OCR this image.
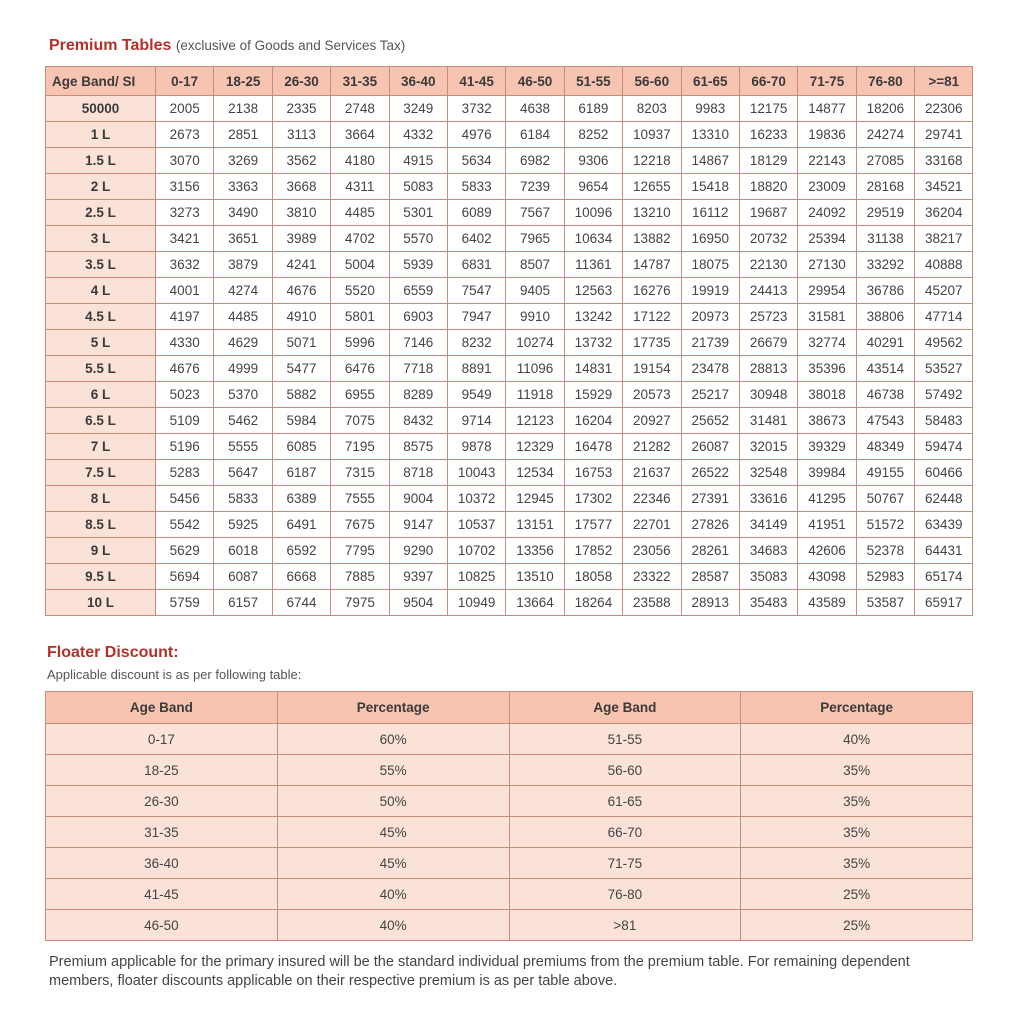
Premium Tables (exclusive of Goods and Services Tax)
Age Band/ SI	0-17	18-25	26-30	31-35	36-40	41-45	46-50	51-55	56-60	61-65	66-70	71-75	76-80	>=81
50000	2005	2138	2335	2748	3249	3732	4638	6189	8203	9983	12175	14877	18206	22306
1 L	2673	2851	3113	3664	4332	4976	6184	8252	10937	13310	16233	19836	24274	29741
1.5 L	3070	3269	3562	4180	4915	5634	6982	9306	12218	14867	18129	22143	27085	33168
2 L	3156	3363	3668	4311	5083	5833	7239	9654	12655	15418	18820	23009	28168	34521
2.5 L	3273	3490	3810	4485	5301	6089	7567	10096	13210	16112	19687	24092	29519	36204
3 L	3421	3651	3989	4702	5570	6402	7965	10634	13882	16950	20732	25394	31138	38217
3.5 L	3632	3879	4241	5004	5939	6831	8507	11361	14787	18075	22130	27130	33292	40888
4 L	4001	4274	4676	5520	6559	7547	9405	12563	16276	19919	24413	29954	36786	45207
4.5 L	4197	4485	4910	5801	6903	7947	9910	13242	17122	20973	25723	31581	38806	47714
5 L	4330	4629	5071	5996	7146	8232	10274	13732	17735	21739	26679	32774	40291	49562
5.5 L	4676	4999	5477	6476	7718	8891	11096	14831	19154	23478	28813	35396	43514	53527
6 L	5023	5370	5882	6955	8289	9549	11918	15929	20573	25217	30948	38018	46738	57492
6.5 L	5109	5462	5984	7075	8432	9714	12123	16204	20927	25652	31481	38673	47543	58483
7 L	5196	5555	6085	7195	8575	9878	12329	16478	21282	26087	32015	39329	48349	59474
7.5 L	5283	5647	6187	7315	8718	10043	12534	16753	21637	26522	32548	39984	49155	60466
8 L	5456	5833	6389	7555	9004	10372	12945	17302	22346	27391	33616	41295	50767	62448
8.5 L	5542	5925	6491	7675	9147	10537	13151	17577	22701	27826	34149	41951	51572	63439
9 L	5629	6018	6592	7795	9290	10702	13356	17852	23056	28261	34683	42606	52378	64431
9.5 L	5694	6087	6668	7885	9397	10825	13510	18058	23322	28587	35083	43098	52983	65174
10 L	5759	6157	6744	7975	9504	10949	13664	18264	23588	28913	35483	43589	53587	65917
Floater Discount:
Applicable discount is as per following table:
Age Band	Percentage	Age Band	Percentage
0-17	60%	51-55	40%
18-25	55%	56-60	35%
26-30	50%	61-65	35%
31-35	45%	66-70	35%
36-40	45%	71-75	35%
41-45	40%	76-80	25%
46-50	40%	>81	25%
Premium applicable for the primary insured will be the standard individual premiums from the premium table. For remaining dependent members, floater discounts applicable on their respective premium is as per table above.
